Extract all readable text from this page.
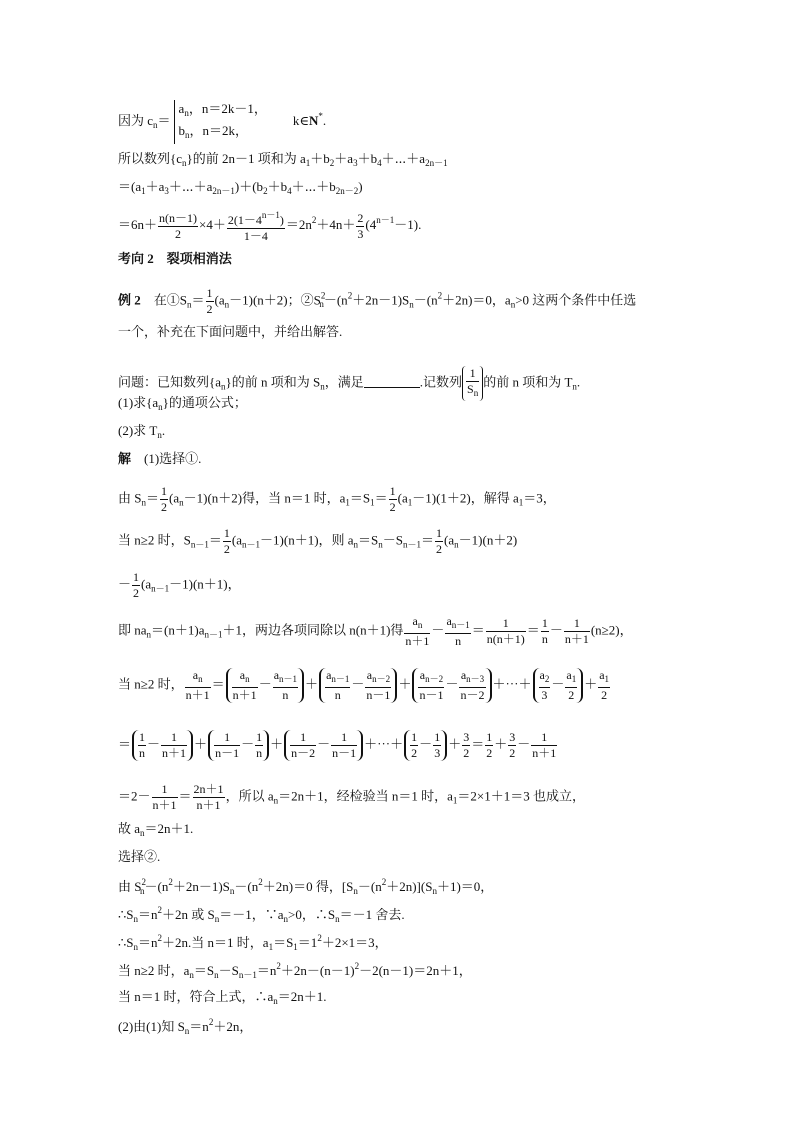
因为 $c_n=a_n$，n＝2k－1，
$b_n$，n＝2k，k∈N*.
所以数列$\{c_n\}$的前 2n－1 项和为 $a_1+b_2+a_3+b_4+\cdots+a_{2n-1}$
$=(a_1+a_3+\cdots+a_{2n-1})+(b_2+b_4+\cdots+b_{2n-2})$
$=6n+ \frac{n(n-1)}{2} \times 4+ \frac{2(1-4^{n-1})}{1-4} =2n^2+4n+ \frac{2}{3} (4^{n-1}-1)$.
考向 2　裂项相消法
例 2　在$①S_n= \frac{1}{2} (a_n-1)(n+2)$；$②S^2_n-(n^2+2n-1)S_n-(n^2+2n)=0$，$a_n>0$ 这两个条件中任选
一个，补充在下面问题中，并给出解答.
问题：已知数列$\{a_n\}$的前 n 项和为 $S_n$，满足	.记数列 $\frac{1}{S_n}$ 的前 n 项和为 $T_n$.
(1)求$\{a_n\}$的通项公式；
(2)求 $T_n$.
解　(1)选择①.
由 $S_n= \frac{1}{2} (a_n-1)(n+2)$得，当 n＝1 时，$a_1=S_1= \frac{1}{2} (a_1-1)(1+2)$，解得 $a_1=3$，
当 n≥2 时，$S_{n-1}= \frac{1}{2} (a_{n-1}-1)(n+1)$，则 $a_n=S_n-S_{n-1}= \frac{1}{2} (a_n-1)(n+2)$
－ $\frac{1}{2} (a_{n-1}-1)(n+1)$，
即 $na_n=(n+1)a_{n-1}+1$，两边各项同除以 n(n＋1)得 $\frac{a_n}{n+1} - \frac{a_{n-1}}{n} = \frac{1}{n(n+1)} = \frac{1}{n} - \frac{1}{n+1} (n\ge 2)$，
当 n≥2 时， $\frac{a_n}{n+1} = \frac{a_n}{n+1} - \frac{a_{n-1}}{n} + \frac{a_{n-1}}{n} - \frac{a_{n-2}}{n-1} + \frac{a_{n-2}}{n-1} - \frac{a_{n-3}}{n-2}$ ＋⋯＋ $\frac{a_2}{3} - \frac{a_1}{2} + \frac{a_1}{2}$
＝ $\frac{1}{n} - \frac{1}{n+1} + \frac{1}{n-1} - \frac{1}{n} + \frac{1}{n-2} - \frac{1}{n-1}$ ＋⋯＋ $\frac{1}{2} - \frac{1}{3} + \frac{3}{2} = \frac{1}{2} + \frac{3}{2} - \frac{1}{n+1}$
$=2- \frac{1}{n+1} = \frac{2n+1}{n+1}$ ，所以 $a_n=2n+1$，经检验当 n＝1 时，$a_1=2\times 1+1=3$ 也成立，
故 $a_n=2n+1$.
选择②.
由 $S^2_n-(n^2+2n-1)S_n-(n^2+2n)=0$ 得，$[S_n-(n^2+2n)](S_n+1)=0$，
$\therefore S_n=n^2+2n$ 或 $S_n=-1$，$\because a_n>0$，$\therefore S_n=-1$ 舍去.
$\therefore S_n=n^2+2n$.当 n＝1 时，$a_1=S_1=1^2+2\times 1=3$，
当 n≥2 时，$a_n=S_n-S_{n-1}=n^2+2n-(n-1)^2-2(n-1)=2n+1$，
当 n＝1 时，符合上式，$\therefore a_n=2n+1$.
(2)由(1)知 $S_n=n^2+2n$，
